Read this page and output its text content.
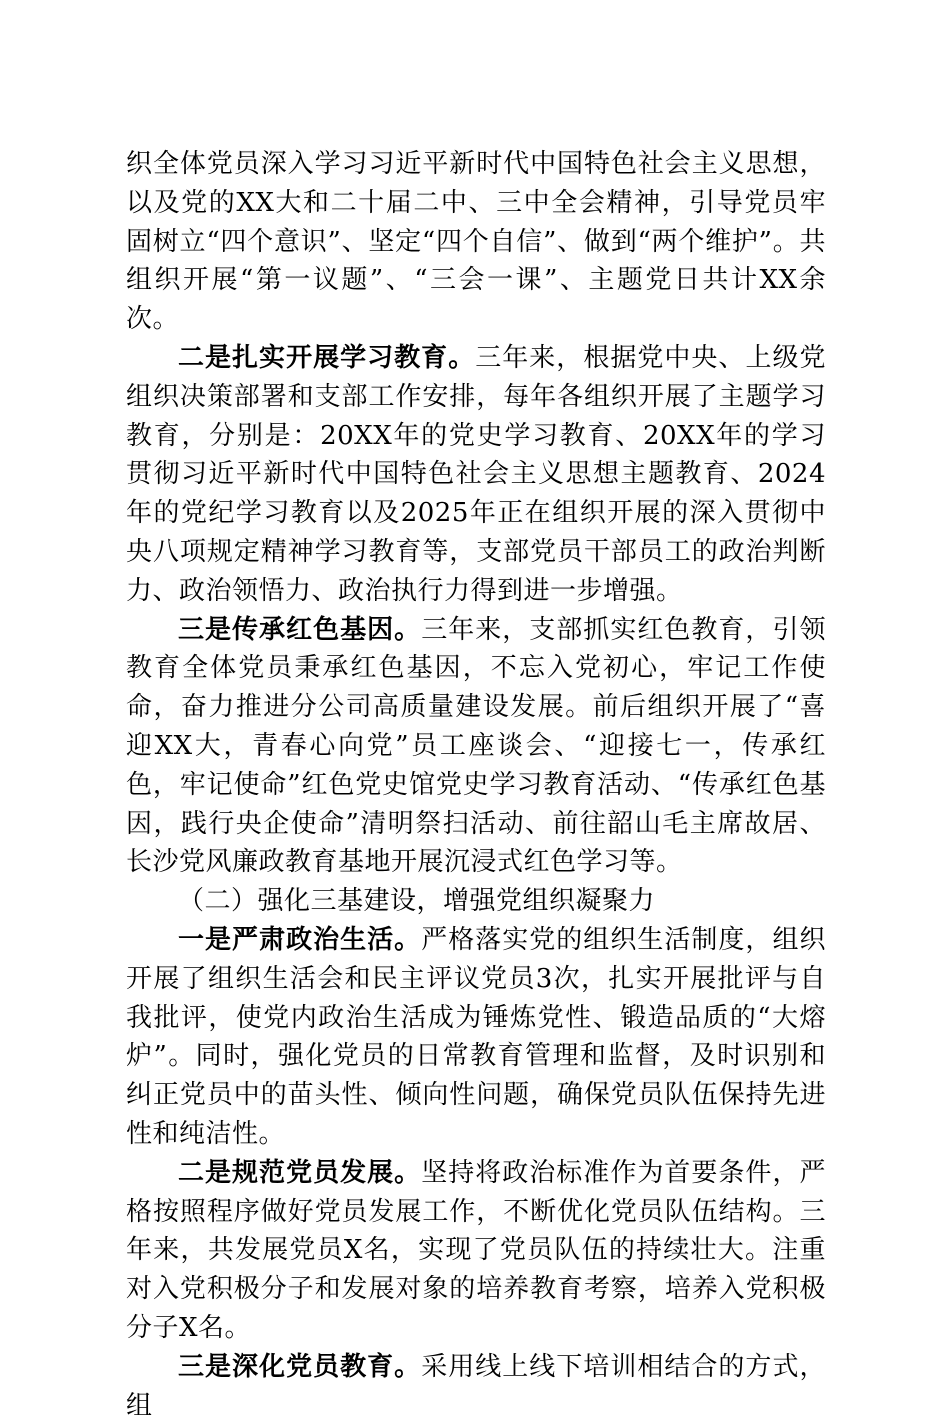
织全体党员深入学习习近平新时代中国特色社会主义思想，以及党的XX大和二十届二中、三中全会精神，引导党员牢固树立“四个意识”、坚定“四个自信”、做到“两个维护”。共组织开展“第一议题”、“三会一课”、主题党日共计XX余次。

二是扎实开展学习教育。三年来，根据党中央、上级党组织决策部署和支部工作安排，每年各组织开展了主题学习教育，分别是：20XX年的党史学习教育、20XX年的学习贯彻习近平新时代中国特色社会主义思想主题教育、2024年的党纪学习教育以及2025年正在组织开展的深入贯彻中央八项规定精神学习教育等，支部党员干部员工的政治判断力、政治领悟力、政治执行力得到进一步增强。

三是传承红色基因。三年来，支部抓实红色教育，引领教育全体党员秉承红色基因，不忘入党初心，牢记工作使命，奋力推进分公司高质量建设发展。前后组织开展了“喜迎XX大，青春心向党”员工座谈会、“迎接七一，传承红色，牢记使命”红色党史馆党史学习教育活动、“传承红色基因，践行央企使命”清明祭扫活动、前往韶山毛主席故居、长沙党风廉政教育基地开展沉浸式红色学习等。

（二）强化三基建设，增强党组织凝聚力

一是严肃政治生活。严格落实党的组织生活制度，组织开展了组织生活会和民主评议党员3次，扎实开展批评与自我批评，使党内政治生活成为锤炼党性、锻造品质的“大熔炉”。同时，强化党员的日常教育管理和监督，及时识别和纠正党员中的苗头性、倾向性问题，确保党员队伍保持先进性和纯洁性。

二是规范党员发展。坚持将政治标准作为首要条件，严格按照程序做好党员发展工作，不断优化党员队伍结构。三年来，共发展党员X名，实现了党员队伍的持续壮大。注重对入党积极分子和发展对象的培养教育考察，培养入党积极分子X名。

三是深化党员教育。采用线上线下培训相结合的方式，组
